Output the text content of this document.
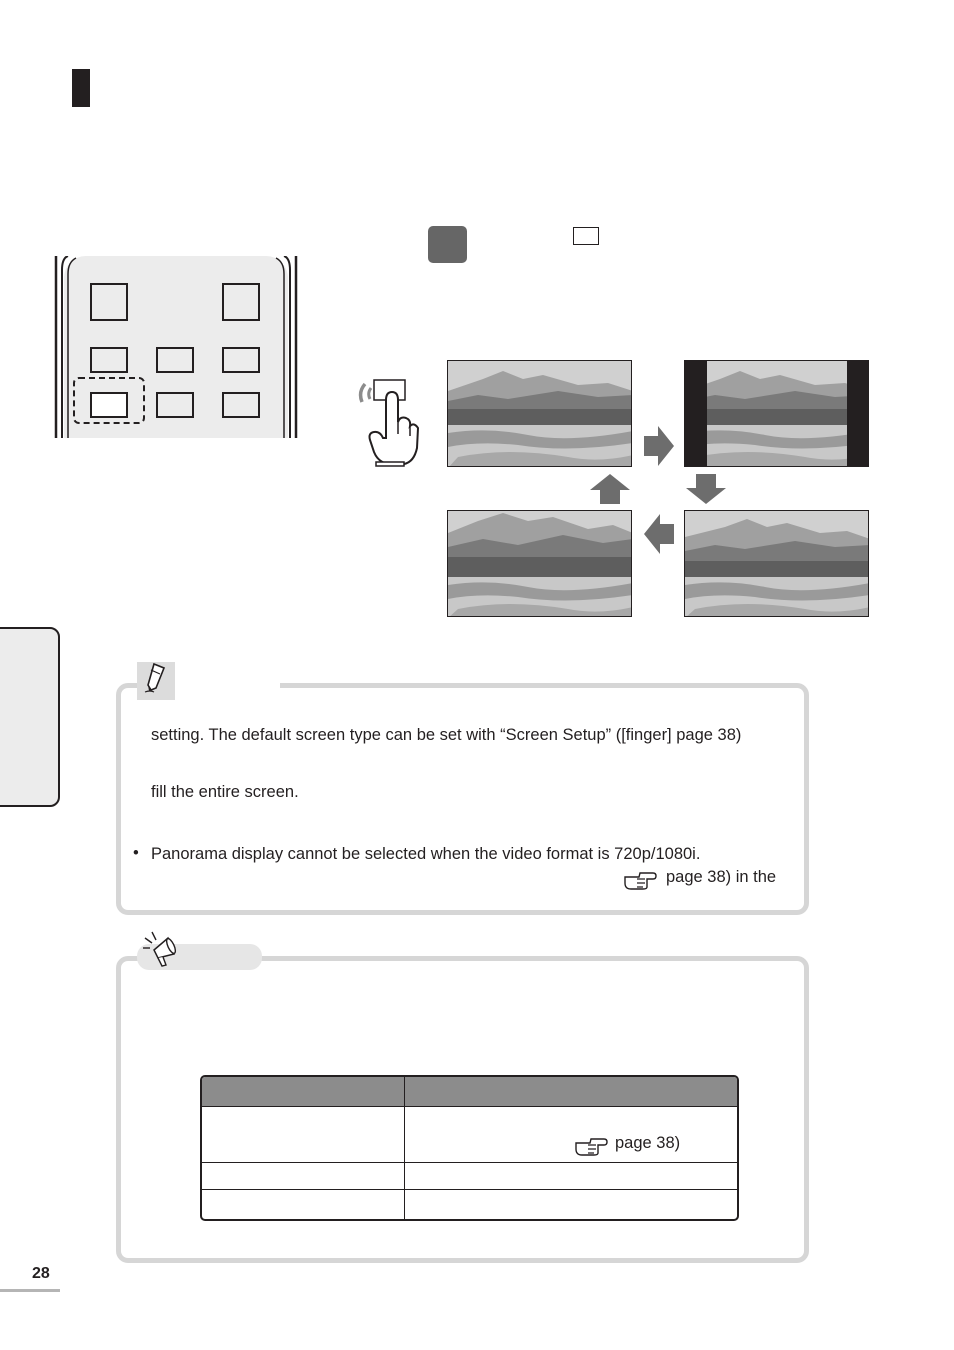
setting. The default screen type can be set with “Screen Setup” ([finger] page 38)
fill the entire screen.
• Panorama display cannot be selected when the video format is 720p/1080i.
page 38) in the
page 38)
28
